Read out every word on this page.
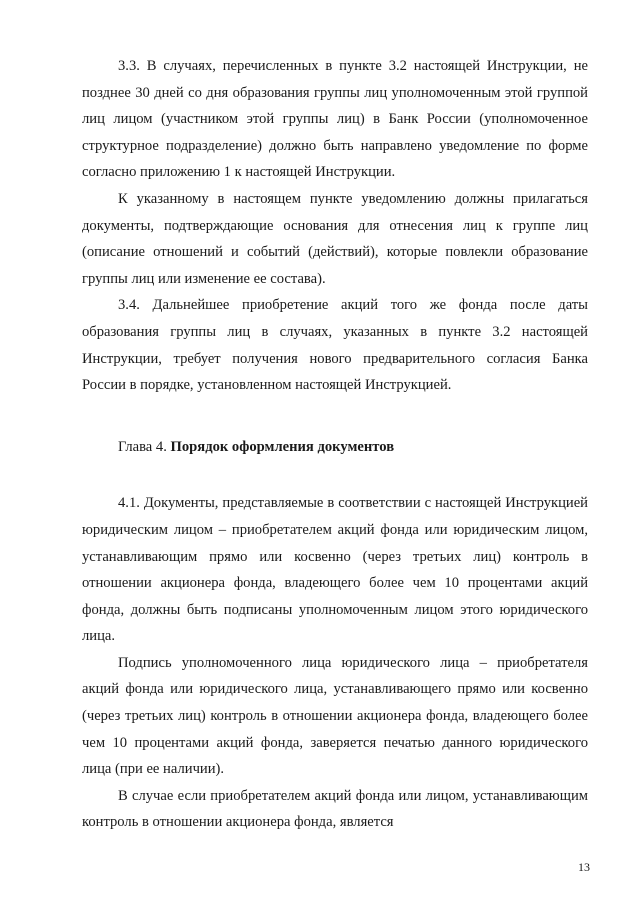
3.3. В случаях, перечисленных в пункте 3.2 настоящей Инструкции, не позднее 30 дней со дня образования группы лиц уполномоченным этой группой лиц лицом (участником этой группы лиц) в Банк России (уполномоченное структурное подразделение) должно быть направлено уведомление по форме согласно приложению 1 к настоящей Инструкции.

К указанному в настоящем пункте уведомлению должны прилагаться документы, подтверждающие основания для отнесения лиц к группе лиц (описание отношений и событий (действий), которые повлекли образование группы лиц или изменение ее состава).

3.4. Дальнейшее приобретение акций того же фонда после даты образования группы лиц в случаях, указанных в пункте 3.2 настоящей Инструкции, требует получения нового предварительного согласия Банка России в порядке, установленном настоящей Инструкцией.

Глава 4. Порядок оформления документов

4.1. Документы, представляемые в соответствии с настоящей Инструкцией юридическим лицом – приобретателем акций фонда или юридическим лицом, устанавливающим прямо или косвенно (через третьих лиц) контроль в отношении акционера фонда, владеющего более чем 10 процентами акций фонда, должны быть подписаны уполномоченным лицом этого юридического лица.

Подпись уполномоченного лица юридического лица – приобретателя акций фонда или юридического лица, устанавливающего прямо или косвенно (через третьих лиц) контроль в отношении акционера фонда, владеющего более чем 10 процентами акций фонда, заверяется печатью данного юридического лица (при ее наличии).

В случае если приобретателем акций фонда или лицом, устанавливающим контроль в отношении акционера фонда, является

13
